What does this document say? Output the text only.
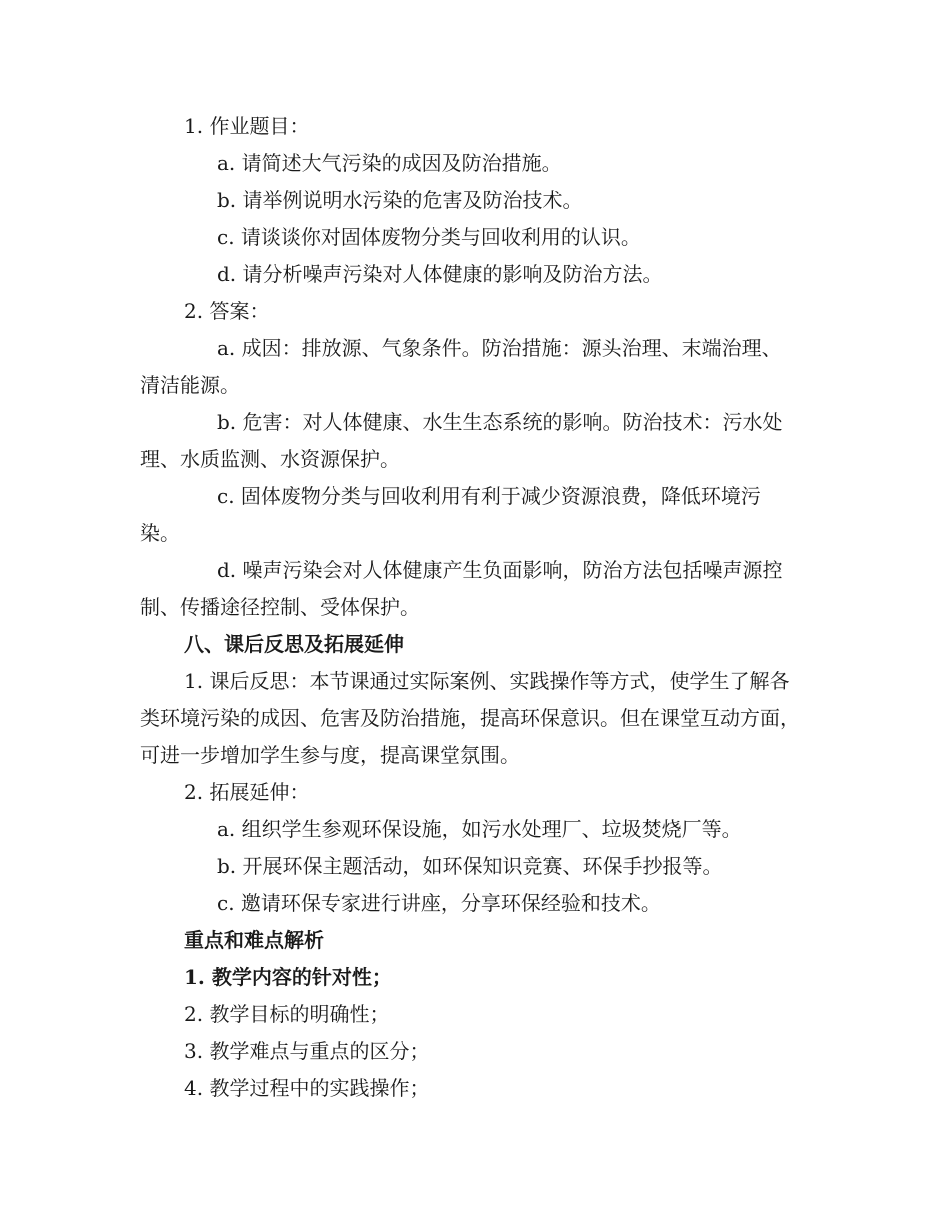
1. 作业题目：
a. 请简述大气污染的成因及防治措施。
b. 请举例说明水污染的危害及防治技术。
c. 请谈谈你对固体废物分类与回收利用的认识。
d. 请分析噪声污染对人体健康的影响及防治方法。
2. 答案：
a. 成因：排放源、气象条件。防治措施：源头治理、末端治理、清洁能源。
b. 危害：对人体健康、水生生态系统的影响。防治技术：污水处理、水质监测、水资源保护。
c. 固体废物分类与回收利用有利于减少资源浪费，降低环境污染。
d. 噪声污染会对人体健康产生负面影响，防治方法包括噪声源控制、传播途径控制、受体保护。
八、课后反思及拓展延伸
1. 课后反思：本节课通过实际案例、实践操作等方式，使学生了解各类环境污染的成因、危害及防治措施，提高环保意识。但在课堂互动方面，可进一步增加学生参与度，提高课堂氛围。
2. 拓展延伸：
a. 组织学生参观环保设施，如污水处理厂、垃圾焚烧厂等。
b. 开展环保主题活动，如环保知识竞赛、环保手抄报等。
c. 邀请环保专家进行讲座，分享环保经验和技术。
重点和难点解析
1. 教学内容的针对性；
2. 教学目标的明确性；
3. 教学难点与重点的区分；
4. 教学过程中的实践操作；
